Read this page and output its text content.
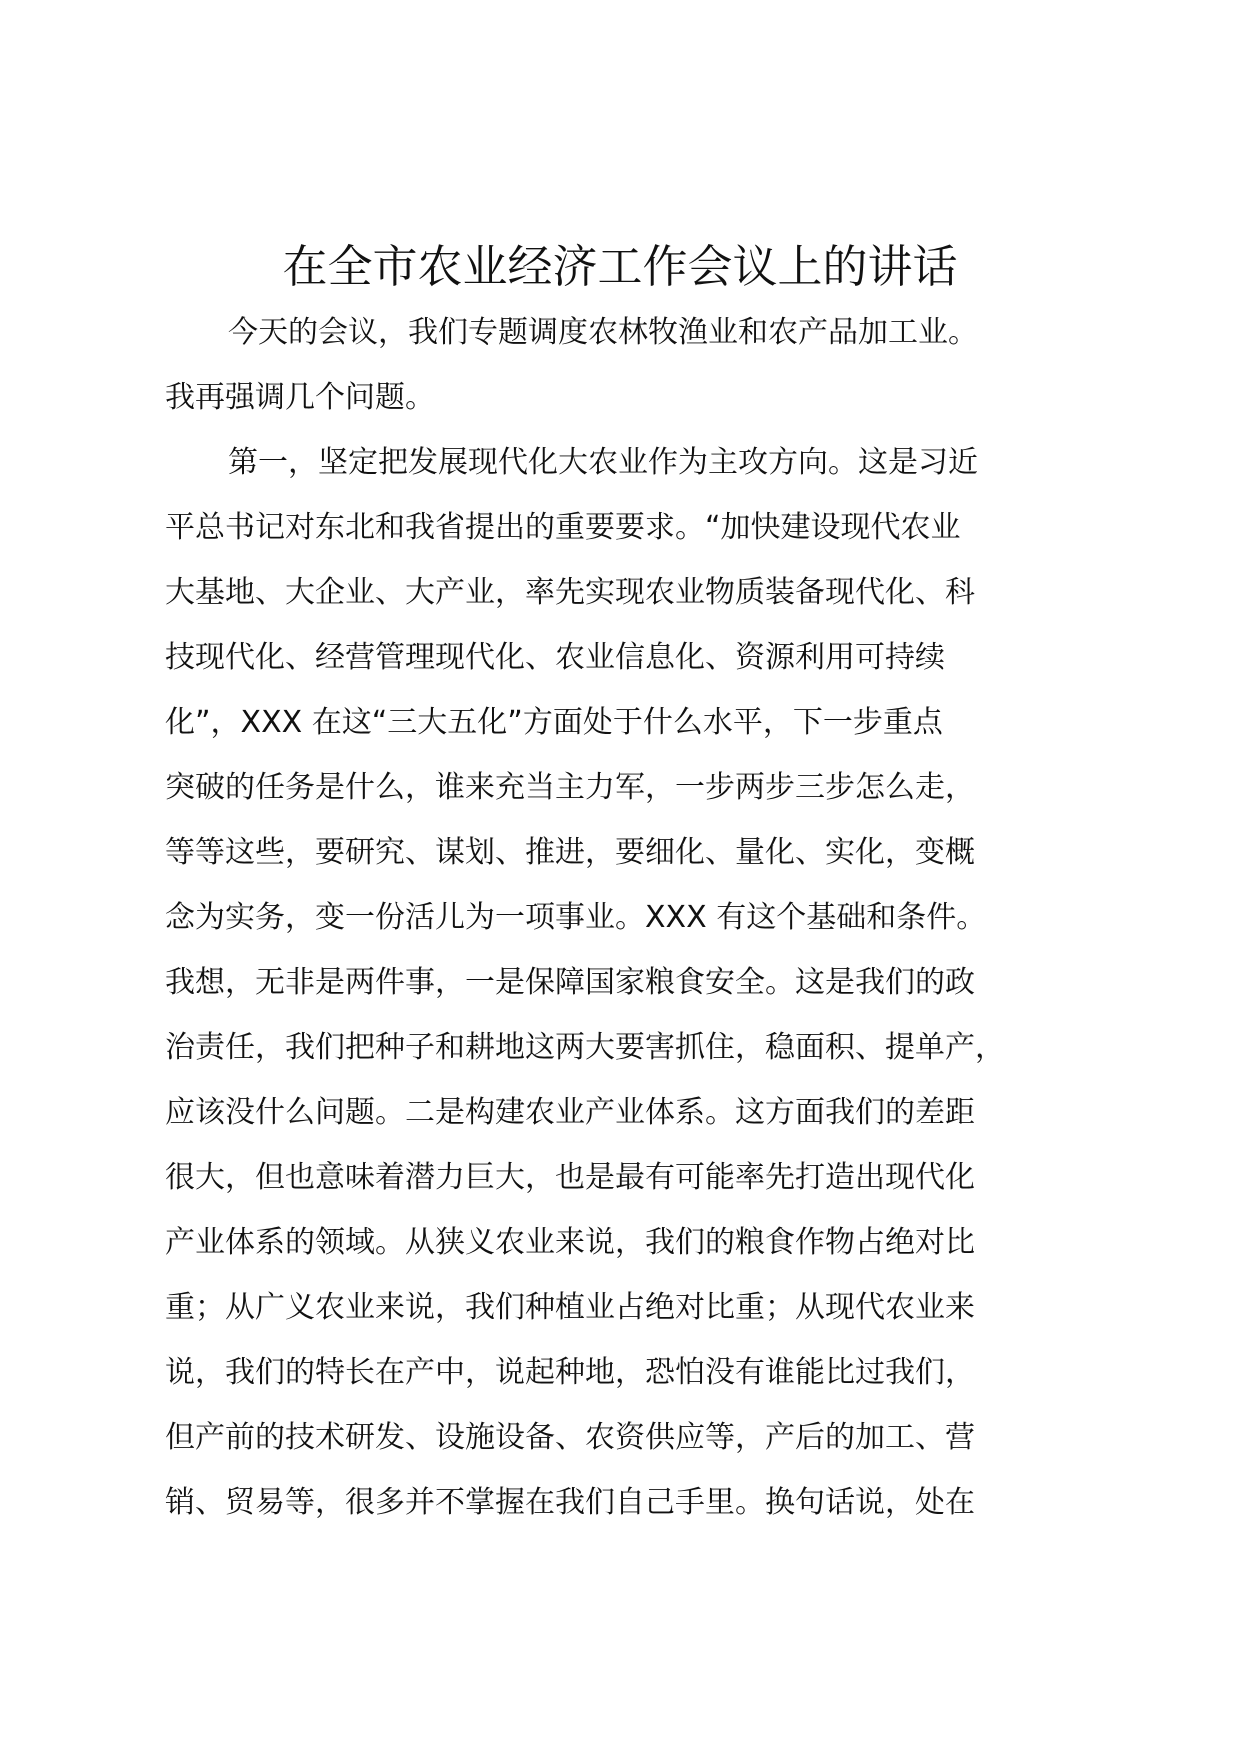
在全市农业经济工作会议上的讲话
今天的会议，我们专题调度农林牧渔业和农产品加工业。
我再强调几个问题。
第一，坚定把发展现代化大农业作为主攻方向。这是习近
平总书记对东北和我省提出的重要要求。“加快建设现代农业
大基地、大企业、大产业，率先实现农业物质装备现代化、科
技现代化、经营管理现代化、农业信息化、资源利用可持续
化”，XXX 在这“三大五化”方面处于什么水平，下一步重点
突破的任务是什么，谁来充当主力军，一步两步三步怎么走，
等等这些，要研究、谋划、推进，要细化、量化、实化，变概
念为实务，变一份活儿为一项事业。XXX 有这个基础和条件。
我想，无非是两件事，一是保障国家粮食安全。这是我们的政
治责任，我们把种子和耕地这两大要害抓住，稳面积、提单产，
应该没什么问题。二是构建农业产业体系。这方面我们的差距
很大，但也意味着潜力巨大，也是最有可能率先打造出现代化
产业体系的领域。从狭义农业来说，我们的粮食作物占绝对比
重；从广义农业来说，我们种植业占绝对比重；从现代农业来
说，我们的特长在产中，说起种地，恐怕没有谁能比过我们，
但产前的技术研发、设施设备、农资供应等，产后的加工、营
销、贸易等，很多并不掌握在我们自己手里。换句话说，处在
